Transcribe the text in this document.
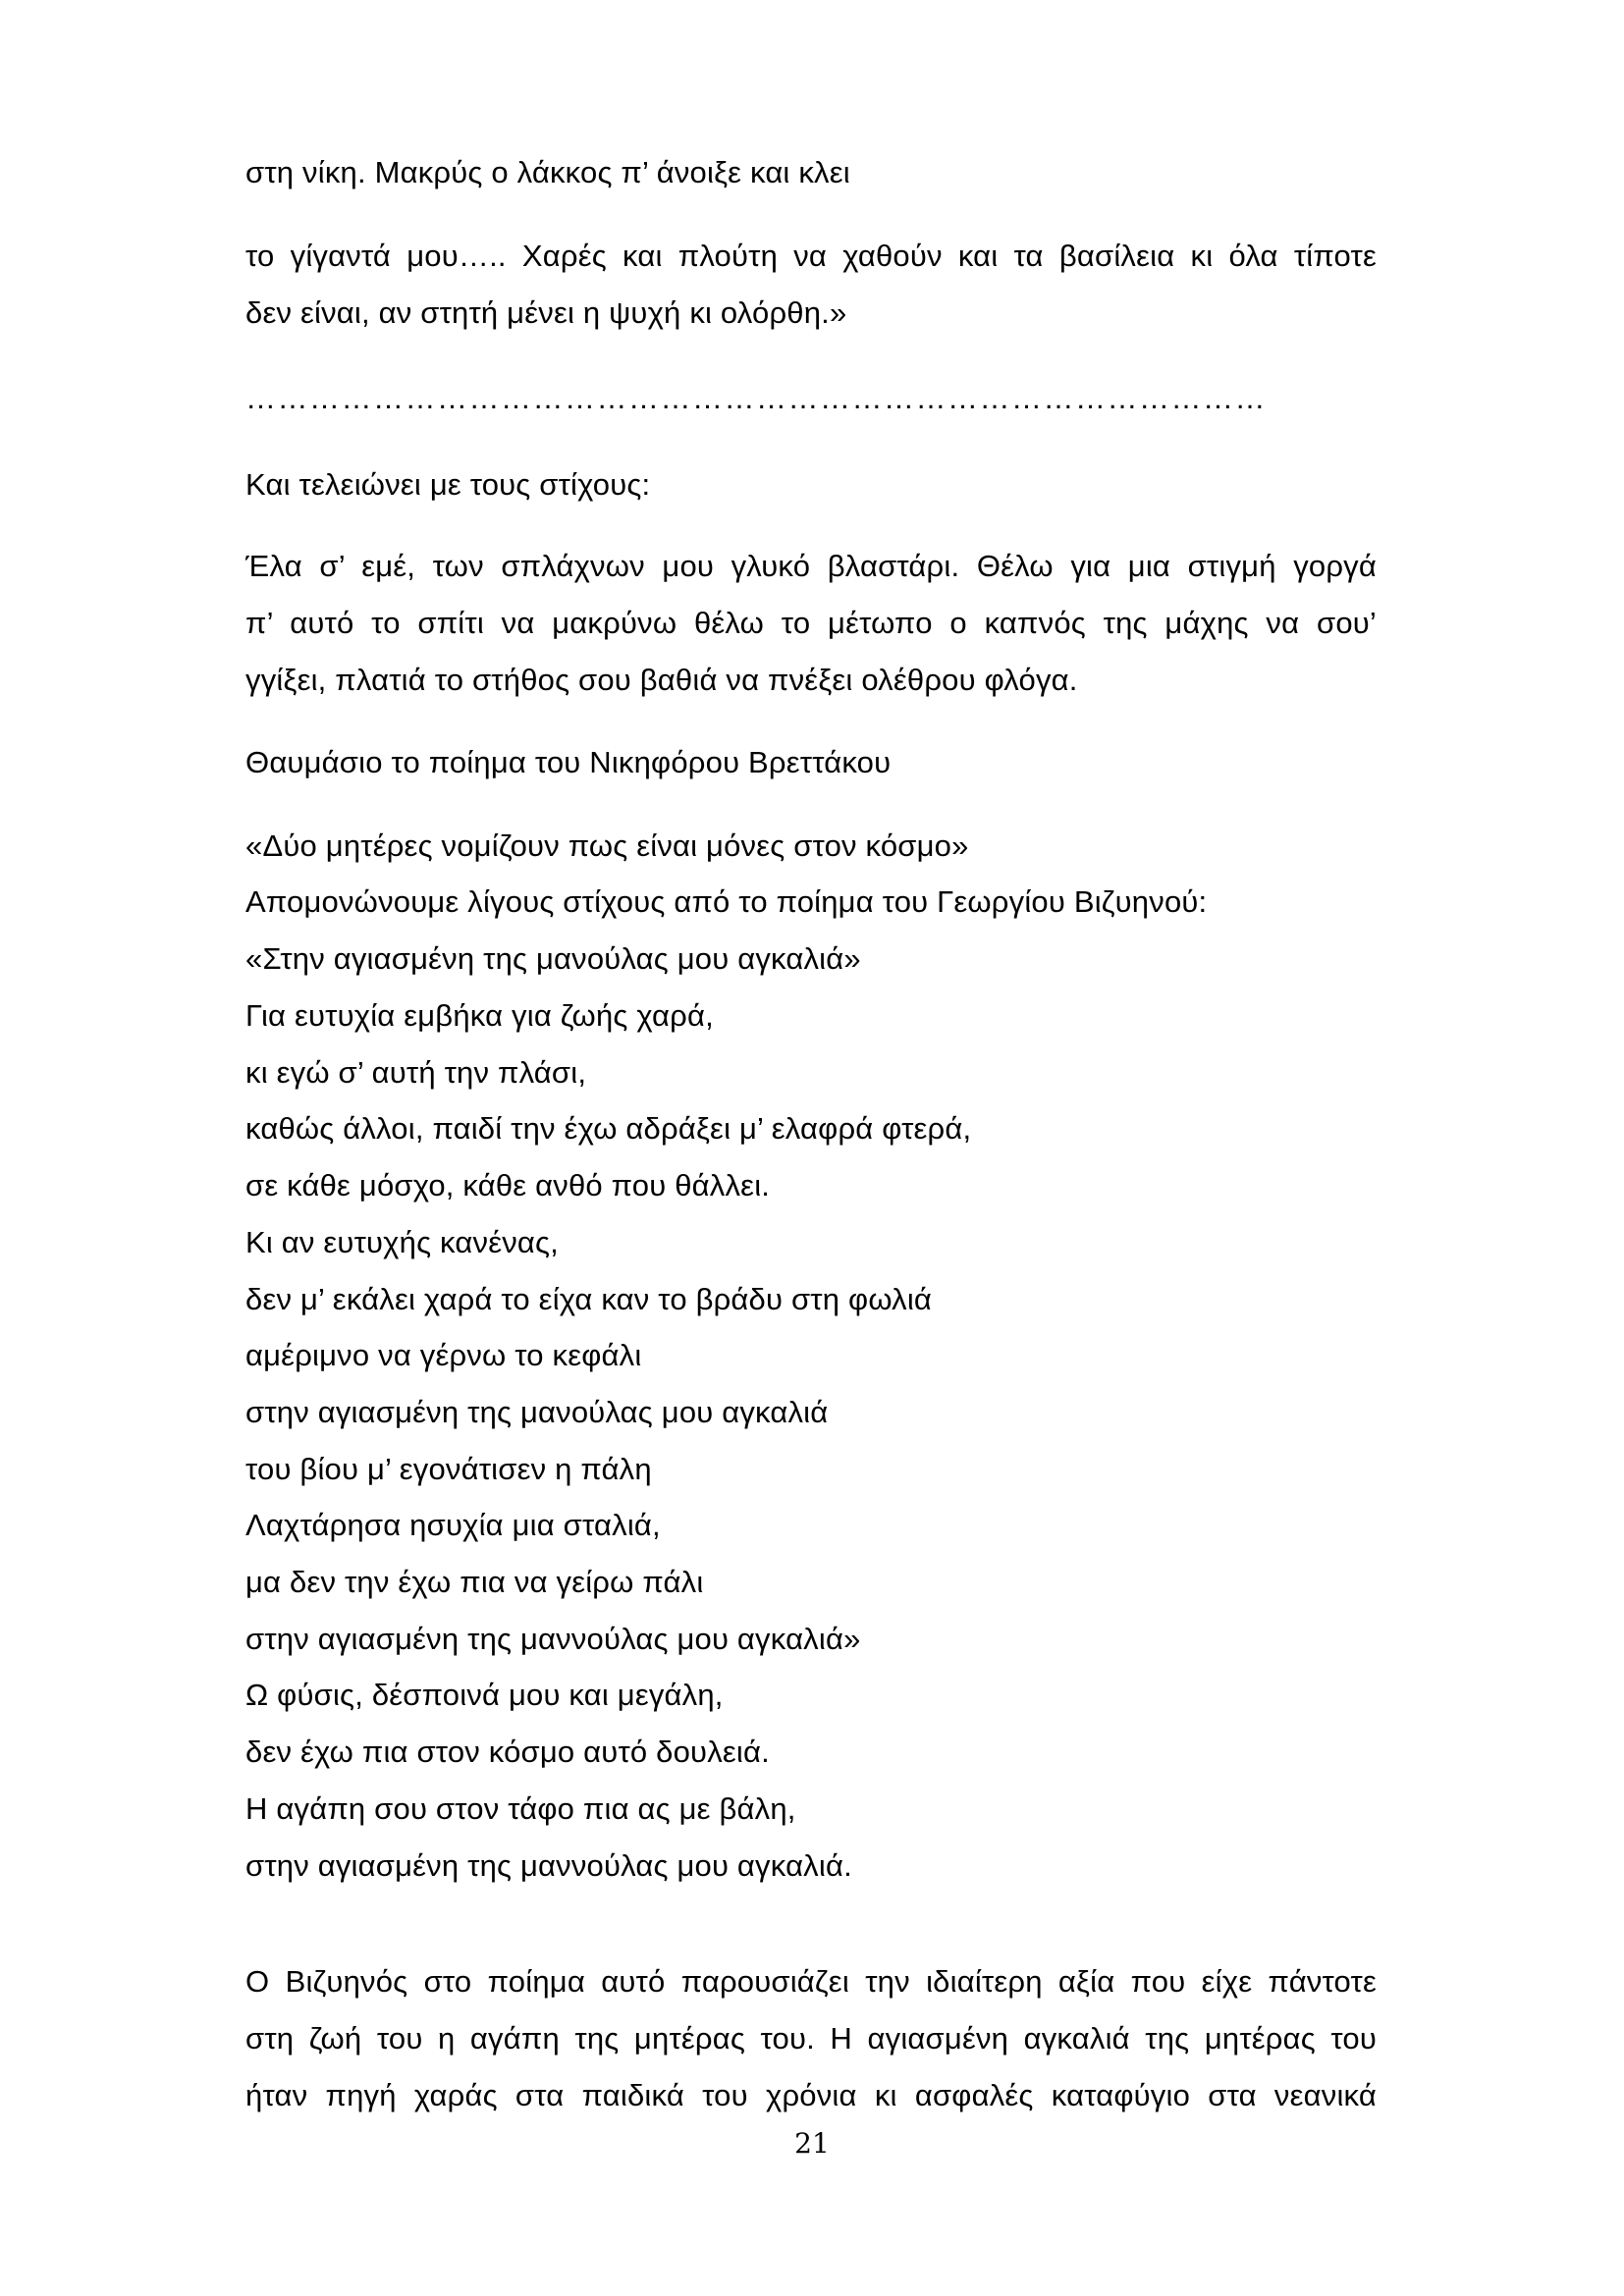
στη νίκη. Μακρύς ο λάκκος π’ άνοιξε και κλει
το γίγαντά μου….. Χαρές και πλούτη να χαθούν και τα βασίλεια κι όλα τίποτε
δεν είναι, αν στητή μένει η ψυχή κι ολόρθη.»
……………………………………………………………………………………
Και τελειώνει με τους στίχους:
Έλα σ’ εμέ, των σπλάχνων μου γλυκό βλαστάρι. Θέλω για μια στιγμή γοργά
π’ αυτό το σπίτι να μακρύνω θέλω το μέτωπο ο καπνός της μάχης να σου’
γγίξει, πλατιά το στήθος σου βαθιά να πνέξει ολέθρου φλόγα.
Θαυμάσιο το ποίημα του Νικηφόρου Βρεττάκου
«Δύο μητέρες νομίζουν πως είναι μόνες στον κόσμο»
Απομονώνουμε λίγους στίχους από το ποίημα του Γεωργίου Βιζυηνού:
«Στην αγιασμένη της μανούλας μου αγκαλιά»
Για ευτυχία εμβήκα για ζωής χαρά,
κι εγώ σ’ αυτή την πλάσι,
καθώς άλλοι, παιδί την έχω αδράξει μ’ ελαφρά φτερά,
σε κάθε μόσχο, κάθε ανθό που θάλλει.
Κι αν ευτυχής κανένας,
δεν μ’ εκάλει χαρά το είχα καν το βράδυ στη φωλιά
αμέριμνο να γέρνω το κεφάλι
στην αγιασμένη της μανούλας μου αγκαλιά
του βίου μ’ εγονάτισεν η πάλη
Λαχτάρησα ησυχία μια σταλιά,
μα δεν την έχω πια να γείρω πάλι
στην αγιασμένη της μαννούλας μου αγκαλιά»
Ω φύσις, δέσποινά μου και μεγάλη,
δεν έχω πια στον κόσμο αυτό δουλειά.
Η αγάπη σου στον τάφο πια ας με βάλη,
στην αγιασμένη της μαννούλας μου αγκαλιά.
Ο Βιζυηνός στο ποίημα αυτό παρουσιάζει την ιδιαίτερη αξία που είχε πάντοτε
στη ζωή του η αγάπη της μητέρας του. Η αγιασμένη αγκαλιά της μητέρας του
ήταν πηγή χαράς στα παιδικά του χρόνια κι ασφαλές καταφύγιο στα νεανικά
21
